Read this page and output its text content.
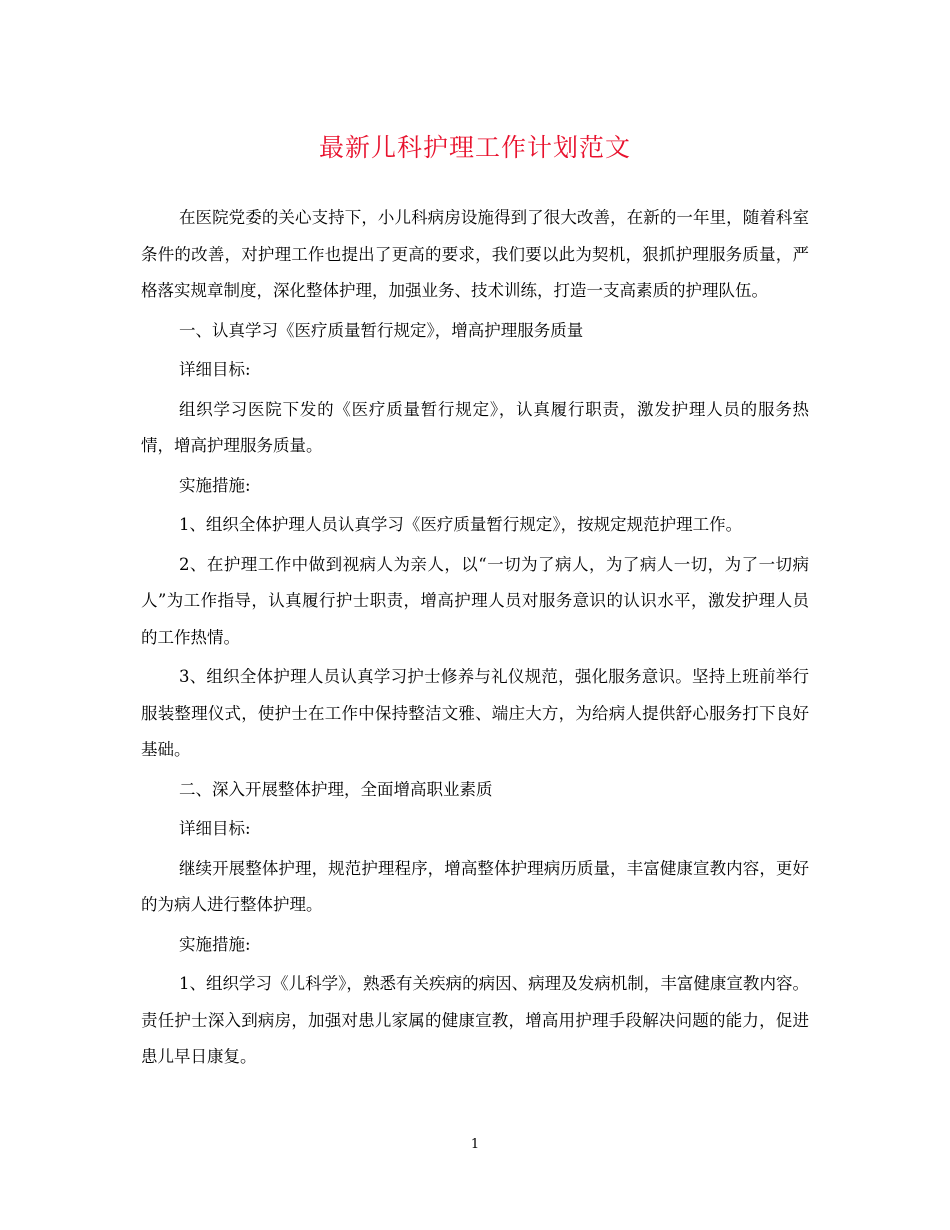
最新儿科护理工作计划范文

在医院党委的关心支持下，小儿科病房设施得到了很大改善，在新的一年里，随着科室条件的改善，对护理工作也提出了更高的要求，我们要以此为契机，狠抓护理服务质量，严格落实规章制度，深化整体护理，加强业务、技术训练，打造一支高素质的护理队伍。

一、认真学习《医疗质量暂行规定》，增高护理服务质量

详细目标:

组织学习医院下发的《医疗质量暂行规定》，认真履行职责，激发护理人员的服务热情，增高护理服务质量。

实施措施:

1、组织全体护理人员认真学习《医疗质量暂行规定》，按规定规范护理工作。

2、在护理工作中做到视病人为亲人，以“一切为了病人，为了病人一切，为了一切病人”为工作指导，认真履行护士职责，增高护理人员对服务意识的认识水平，激发护理人员的工作热情。

3、组织全体护理人员认真学习护士修养与礼仪规范，强化服务意识。坚持上班前举行服装整理仪式，使护士在工作中保持整洁文雅、端庄大方，为给病人提供舒心服务打下良好基础。

二、深入开展整体护理，全面增高职业素质

详细目标:

继续开展整体护理，规范护理程序，增高整体护理病历质量，丰富健康宣教内容，更好的为病人进行整体护理。

实施措施:

1、组织学习《儿科学》，熟悉有关疾病的病因、病理及发病机制，丰富健康宣教内容。责任护士深入到病房，加强对患儿家属的健康宣教，增高用护理手段解决问题的能力，促进患儿早日康复。

1
